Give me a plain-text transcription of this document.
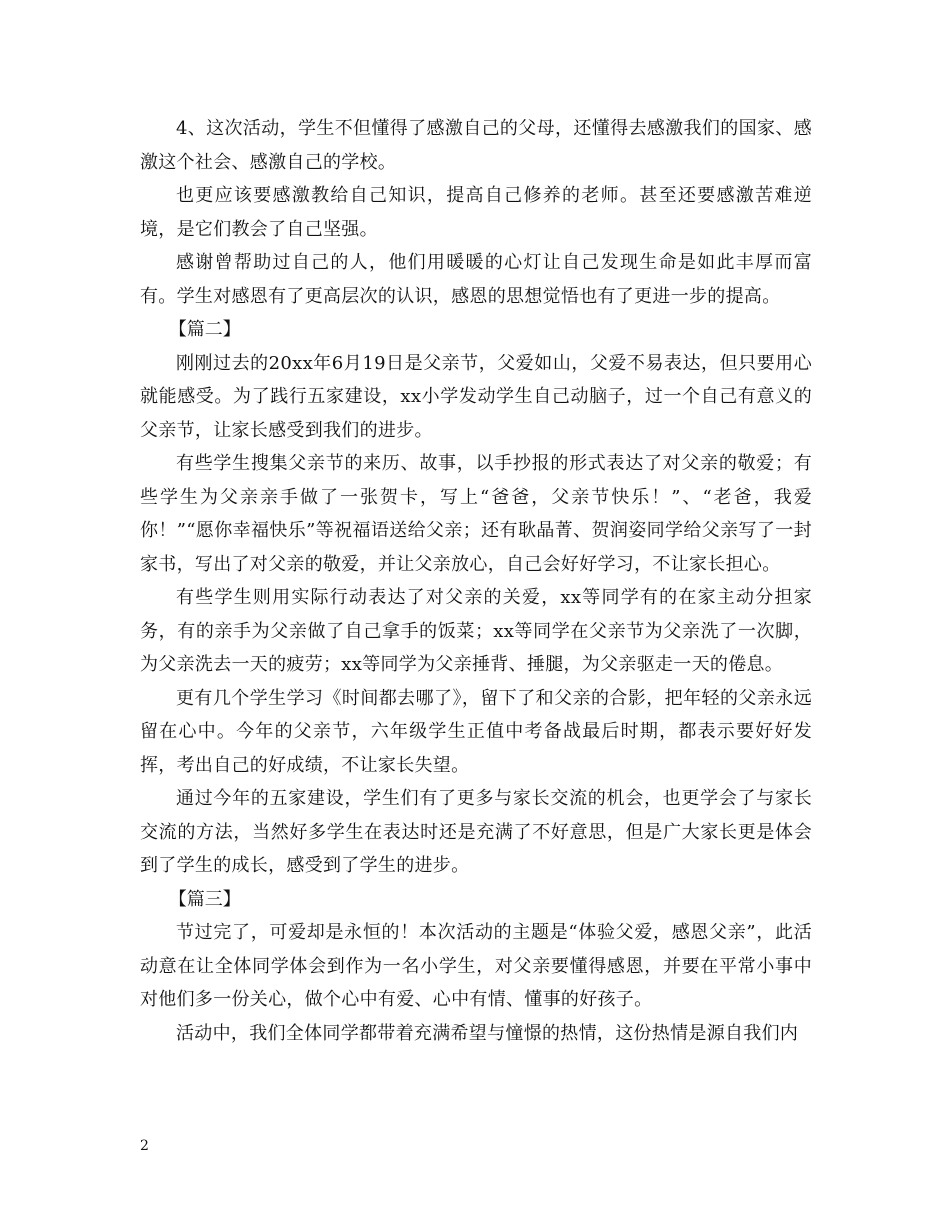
4、这次活动，学生不但懂得了感激自己的父母，还懂得去感激我们的国家、感激这个社会、感激自己的学校。

也更应该要感激教给自己知识，提高自己修养的老师。甚至还要感激苦难逆境，是它们教会了自己坚强。

感谢曾帮助过自己的人，他们用暖暖的心灯让自己发现生命是如此丰厚而富有。学生对感恩有了更高层次的认识，感恩的思想觉悟也有了更进一步的提高。

【篇二】

刚刚过去的20xx年6月19日是父亲节，父爱如山，父爱不易表达，但只要用心就能感受。为了践行五家建设，xx小学发动学生自己动脑子，过一个自己有意义的父亲节，让家长感受到我们的进步。

有些学生搜集父亲节的来历、故事，以手抄报的形式表达了对父亲的敬爱；有些学生为父亲亲手做了一张贺卡，写上“爸爸，父亲节快乐！”、“老爸，我爱你！”“愿你幸福快乐”等祝福语送给父亲；还有耿晶菁、贺润姿同学给父亲写了一封家书，写出了对父亲的敬爱，并让父亲放心，自己会好好学习，不让家长担心。

有些学生则用实际行动表达了对父亲的关爱，xx等同学有的在家主动分担家务，有的亲手为父亲做了自己拿手的饭菜；xx等同学在父亲节为父亲洗了一次脚，为父亲洗去一天的疲劳；xx等同学为父亲捶背、捶腿，为父亲驱走一天的倦息。

更有几个学生学习《时间都去哪了》，留下了和父亲的合影，把年轻的父亲永远留在心中。今年的父亲节，六年级学生正值中考备战最后时期，都表示要好好发挥，考出自己的好成绩，不让家长失望。

通过今年的五家建设，学生们有了更多与家长交流的机会，也更学会了与家长交流的方法，当然好多学生在表达时还是充满了不好意思，但是广大家长更是体会到了学生的成长，感受到了学生的进步。

【篇三】

节过完了，可爱却是永恒的！本次活动的主题是“体验父爱，感恩父亲”，此活动意在让全体同学体会到作为一名小学生，对父亲要懂得感恩，并要在平常小事中对他们多一份关心，做个心中有爱、心中有情、懂事的好孩子。

活动中，我们全体同学都带着充满希望与憧憬的热情，这份热情是源自我们内

2
